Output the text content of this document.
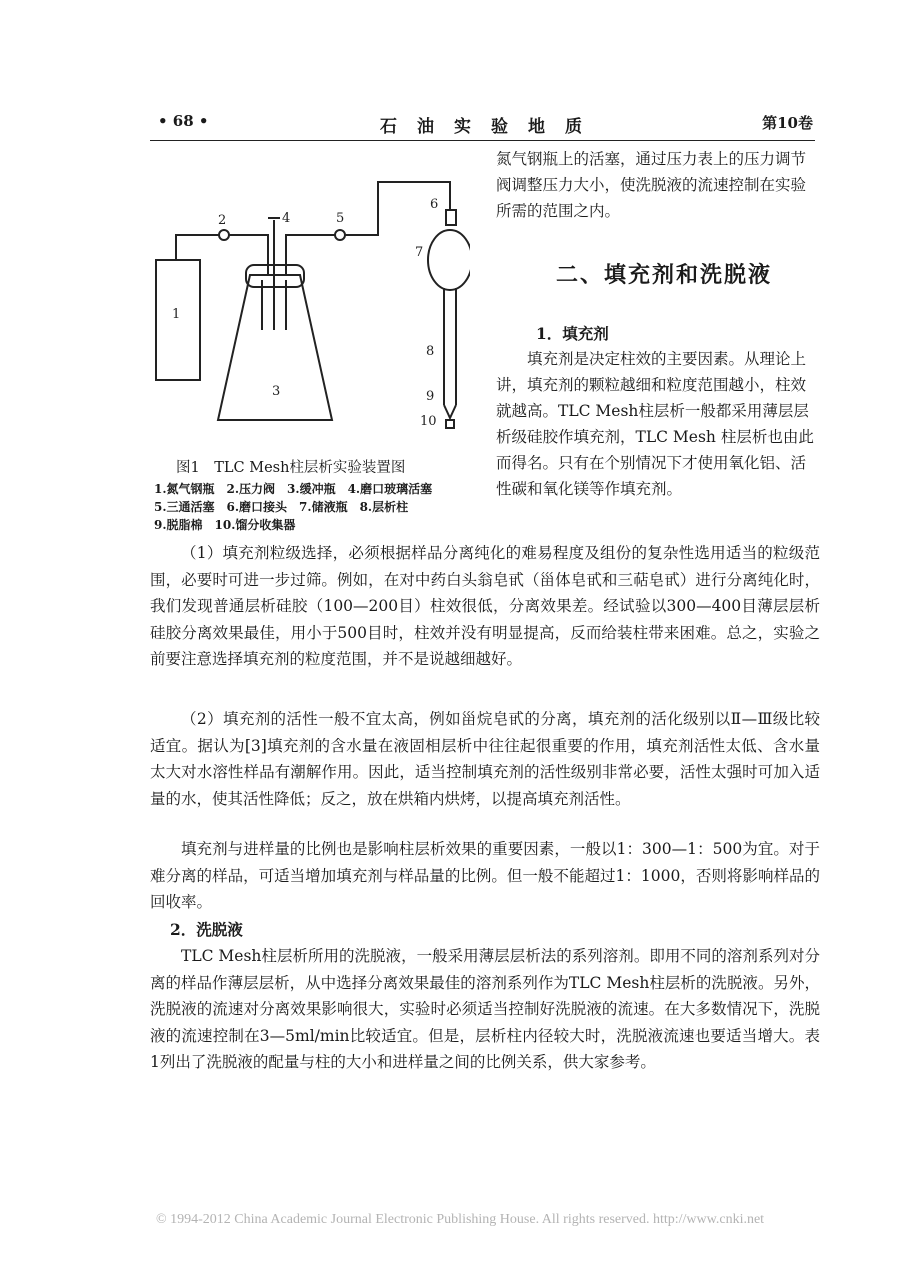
• 68 •	石油实验地质	第10卷

氮气钢瓶上的活塞，通过压力表上的压力调节阀调整压力大小，使洗脱液的流速控制在实验所需的范围之内。

二、填充剂和洗脱液
1．填充剂

填充剂是决定柱效的主要因素。从理论上讲，填充剂的颗粒越细和粒度范围越小，柱效就越高。TLC Mesh柱层析一般都采用薄层层析级硅胶作填充剂，TLC Mesh 柱层析也由此而得名。只有在个别情况下才使用氧化铝、活性碳和氧化镁等作填充剂。

1
2
3
4	5
6
7
8
9
10
图1　TLC Mesh柱层析实验装置图
1.氮气钢瓶　2.压力阀　3.缓冲瓶　4.磨口玻璃活塞
5.三通活塞　6.磨口接头　7.储液瓶　8.层析柱
9.脱脂棉　10.馏分收集器

（1）填充剂粒级选择，必须根据样品分离纯化的难易程度及组份的复杂性选用适当的粒级范围，必要时可进一步过筛。例如，在对中药白头翁皂甙（甾体皂甙和三萜皂甙）进行分离纯化时，我们发现普通层析硅胶（100—200目）柱效很低，分离效果差。经试验以300—400目薄层层析硅胶分离效果最佳，用小于500目时，柱效并没有明显提高，反而给装柱带来困难。总之，实验之前要注意选择填充剂的粒度范围，并不是说越细越好。

（2）填充剂的活性一般不宜太高，例如甾烷皂甙的分离，填充剂的活化级别以Ⅱ—Ⅲ级比较适宜。据认为[3]填充剂的含水量在液固相层析中往往起很重要的作用，填充剂活性太低、含水量太大对水溶性样品有潮解作用。因此，适当控制填充剂的活性级别非常必要，活性太强时可加入适量的水，使其活性降低；反之，放在烘箱内烘烤，以提高填充剂活性。

填充剂与进样量的比例也是影响柱层析效果的重要因素，一般以1：300—1：500为宜。对于难分离的样品，可适当增加填充剂与样品量的比例。但一般不能超过1：1000，否则将影响样品的回收率。

2．洗脱液

TLC Mesh柱层析所用的洗脱液，一般采用薄层层析法的系列溶剂。即用不同的溶剂系列对分离的样品作薄层层析，从中选择分离效果最佳的溶剂系列作为TLC Mesh柱层析的洗脱液。另外，洗脱液的流速对分离效果影响很大，实验时必须适当控制好洗脱液的流速。在大多数情况下，洗脱液的流速控制在3—5ml/min比较适宜。但是，层析柱内径较大时，洗脱液流速也要适当增大。表1列出了洗脱液的配量与柱的大小和进样量之间的比例关系，供大家参考。

© 1994-2012 China Academic Journal Electronic Publishing House. All rights reserved. http://www.cnki.net
